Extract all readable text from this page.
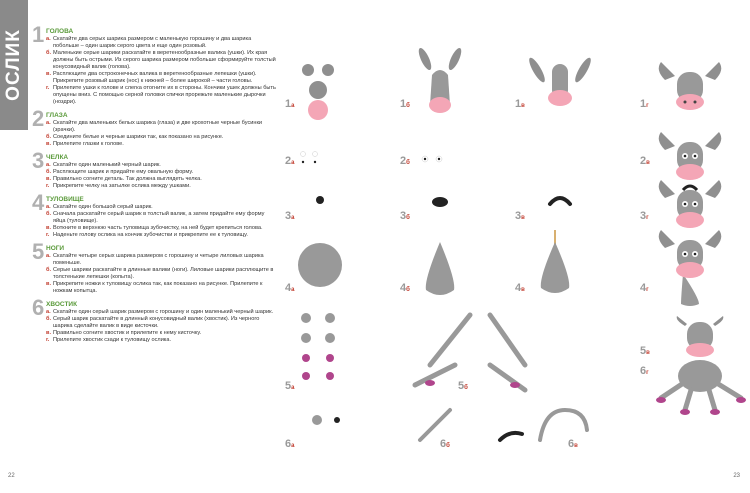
ОСЛИК 1 ГОЛОВА
а. Скатайте два серых шарика размером с маленькую горошину и два шарика побольше – один шарик серого цвета и еще один розовый.
б. Маленькие серые шарики раскатайте в веретенообразные валика (ушки). Их края должны быть острыми. Из серого шарика размером побольше сформируйте толстый конусовидный валик (голова).
в. Расплющите два остроконечных валика в веретенообразные лепешки (ушки). Прикрепите розовый шарик (нос) к нижней – более широкой – части головы.
г. Прилепите ушки к голове и слегка отогните их в стороны. Кончики ушек должны быть опущены вниз. С помощью серной головки спички прорежьте маленькие дырочки (ноздри).
2 ГЛАЗА
а. Скатайте два маленьких белых шарика (глаза) и две крохотные черные бусинки (зрачки).
б. Соедините белые и черные шарики так, как показано на рисунке.
в. Прилепите глазки к голове.
3 ЧЕЛКА
а. Скатайте один маленький черный шарик.
б. Расплющите шарик и придайте ему овальную форму.
в. Правильно согните деталь. Так должна выглядеть челка.
г. Прикрепите челку на затылке ослика между ушками.
4 ТУЛОВИЩЕ
а. Скатайте один большой серый шарик.
б. Сначала раскатайте серый шарик в толстый валик, а затем придайте ему форму яйца (туловище).
в. Воткните в верхнюю часть туловища зубочистку, на ней будет крепиться голова.
г. Наденьте голову ослика на кончик зубочистки и прикрепите ее к туловищу.
5 НОГИ
а. Скатайте четыре серых шарика размером с горошину и четыре лиловых шарика поменьше.
б. Серые шарики раскатайте в длинные валики (ноги). Лиловые шарики расплющите в толстенькие лепешки (копыта).
в. Прикрепите ножки к туловищу ослика так, как показано на рисунке. Прилепите к ножкам копытца.
6 ХВОСТИК
а. Скатайте один серый шарик размером с горошину и один маленький черный шарик.
б. Серый шарик раскатайте в длинный конусовидный валик (хвостик). Из черного шарика сделайте валик в виде кисточки.
в. Правильно согните хвостик и прилепите к нему кисточку.
г. Прилепите хвостик сзади к туловищу ослика.
22	23
1а	1б	1в	1г
2а	2б	2в
3а	3б	3в	3г
4а	4б	4в	4г
5а	5б
5в
6а	6б	6в
6г
